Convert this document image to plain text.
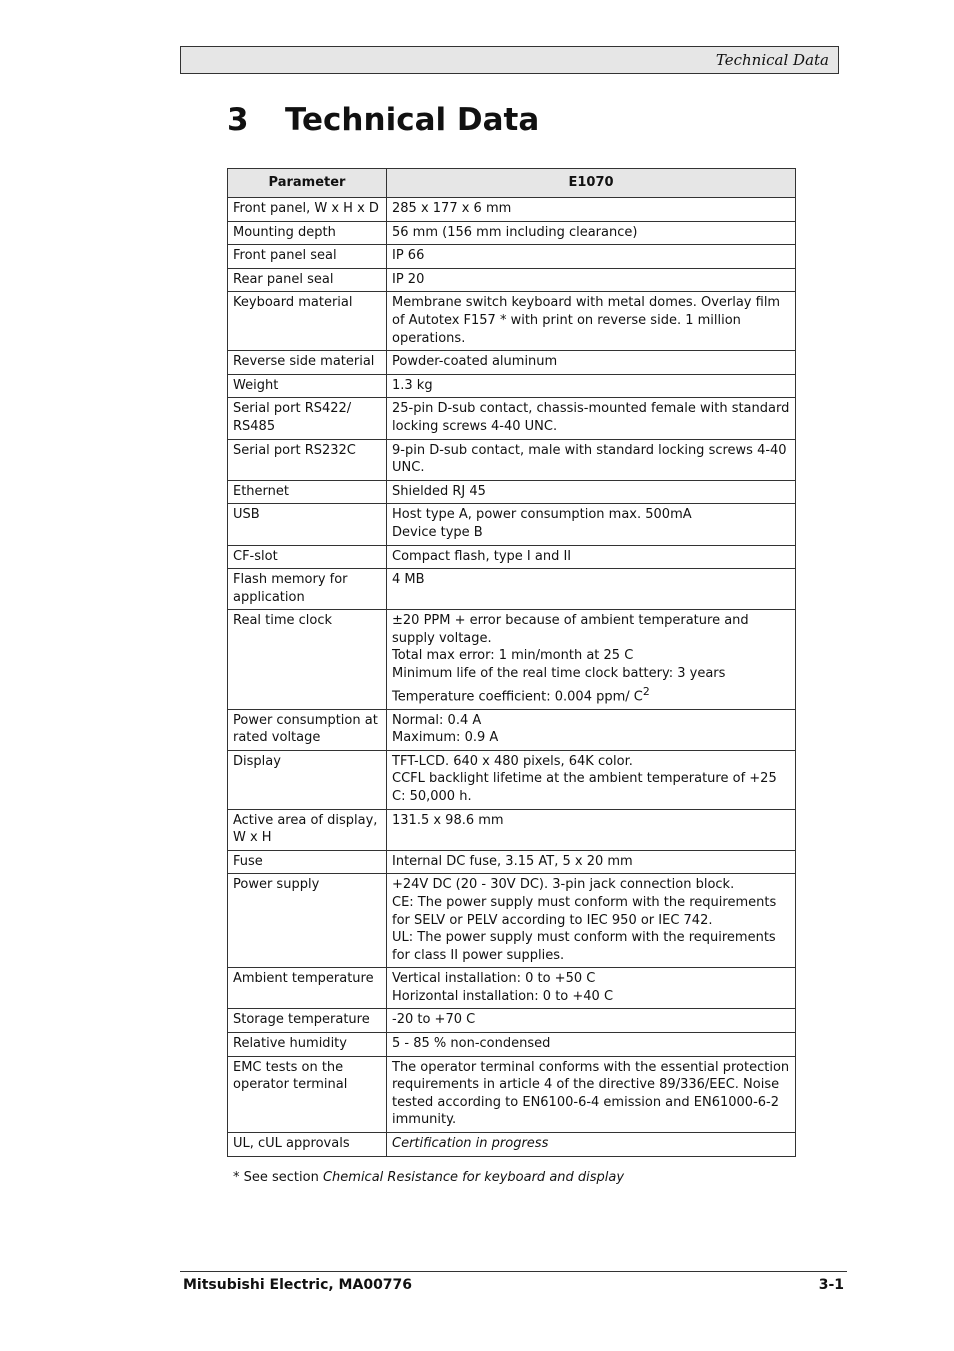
Technical Data
3 Technical Data
Parameter	E1070
Front panel, W x H x D	285 x 177 x 6 mm

Mounting depth	56 mm (156 mm including clearance)

Front panel seal	IP 66

Rear panel seal	IP 20

Keyboard material	Membrane switch keyboard with metal domes. Overlay film of Autotex F157 * with print on reverse side. 1 million operations.

Reverse side material	Powder-coated aluminum

Weight	1.3 kg

Serial port RS422/ RS485	25-pin D-sub contact, chassis-mounted female with standard locking screws 4-40 UNC.

Serial port RS232C	9-pin D-sub contact, male with standard locking screws 4-40 UNC.

Ethernet	Shielded RJ 45

USB	Host type A, power consumption max. 500mA
Device type B

CF-slot	Compact flash, type I and II

Flash memory for application	4 MB

Real time clock	±20 PPM + error because of ambient temperature and supply voltage.
Total max error: 1 min/month at 25 C
Minimum life of the real time clock battery: 3 years
Temperature coefficient: 0.004 ppm/ $C^2$

Power consumption at rated voltage	Normal: 0.4 A
Maximum: 0.9 A

Display	TFT-LCD. 640 x 480 pixels, 64K color.
CCFL backlight lifetime at the ambient temperature of +25 C: 50,000 h.

Active area of display, W x H	131.5 x 98.6 mm

Fuse	Internal DC fuse, 3.15 AT, 5 x 20 mm

Power supply	+24V DC (20 - 30V DC). 3-pin jack connection block.
CE: The power supply must conform with the requirements for SELV or PELV according to IEC 950 or IEC 742.
UL: The power supply must conform with the requirements for class II power supplies.

Ambient temperature	Vertical installation: 0 to +50 C
Horizontal installation: 0 to +40 C

Storage temperature	-20 to +70 C

Relative humidity	5 - 85 % non-condensed

EMC tests on the operator terminal	The operator terminal conforms with the essential protection requirements in article 4 of the directive 89/336/EEC. Noise tested according to EN6100-6-4 emission and EN61000-6-2 immunity.

UL, cUL approvals	Certification in progress
* See section Chemical Resistance for keyboard and display
Mitsubishi Electric, MA00776	3-1
